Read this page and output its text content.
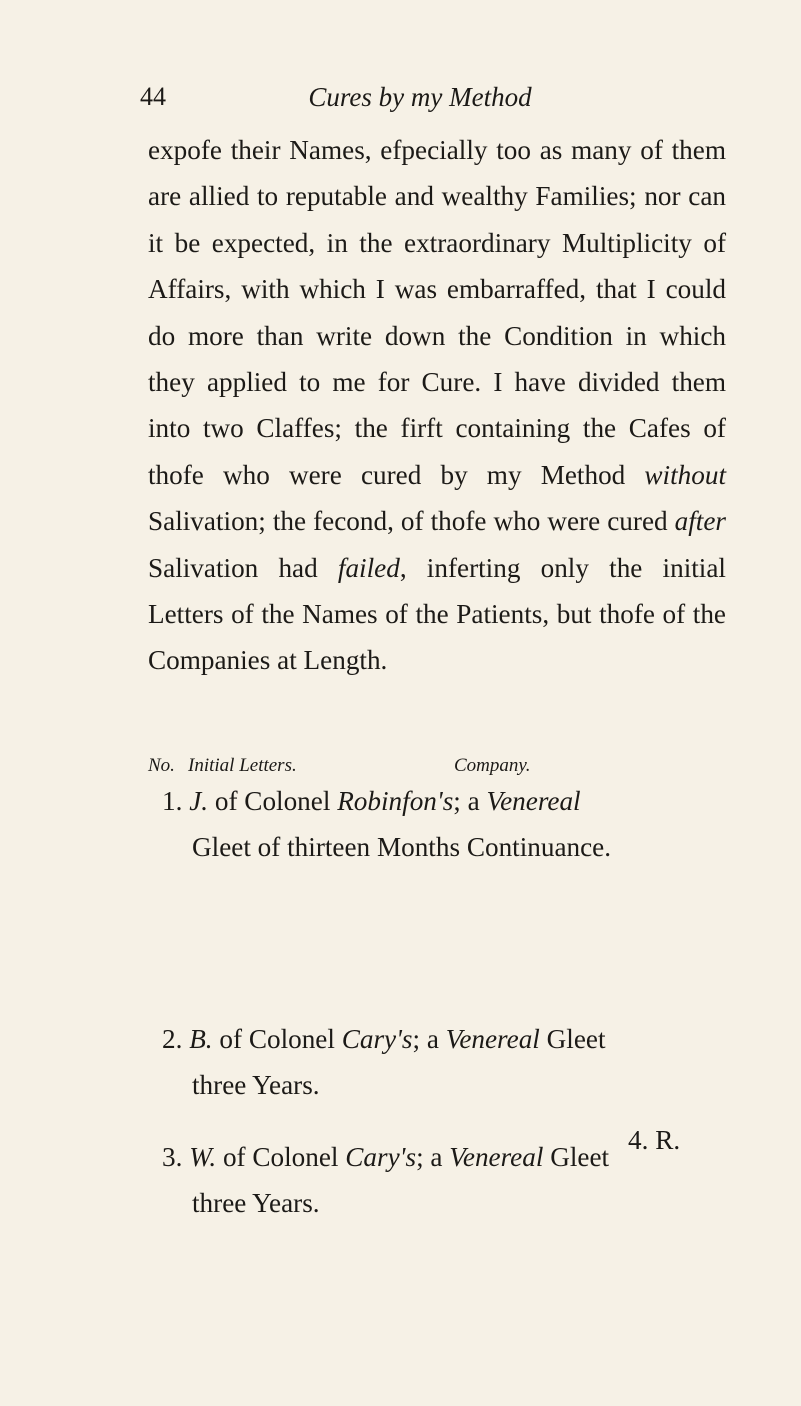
44	Cures by my Method

expofe their Names, efpecially too as many of them are allied to reputable and wealthy Families; nor can it be expected, in the extraordinary Multiplicity of Affairs, with which I was embarraffed, that I could do more than write down the Condition in which they applied to me for Cure. I have divided them into two Claffes; the firft containing the Cafes of thofe who were cured by my Method without Salivation; the fecond, of thofe who were cured after Salivation had failed, inferting only the initial Letters of the Names of the Patients, but thofe of the Companies at Length.

No. Initial Letters.	Company.
1. J. of Colonel Robinfon's; a Venereal
Gleet of thirteen Months Continuance.
2. B. of Colonel Cary's; a Venereal Gleet
three Years.
3. W. of Colonel Cary's; a Venereal Gleet
three Years.
4. R.
